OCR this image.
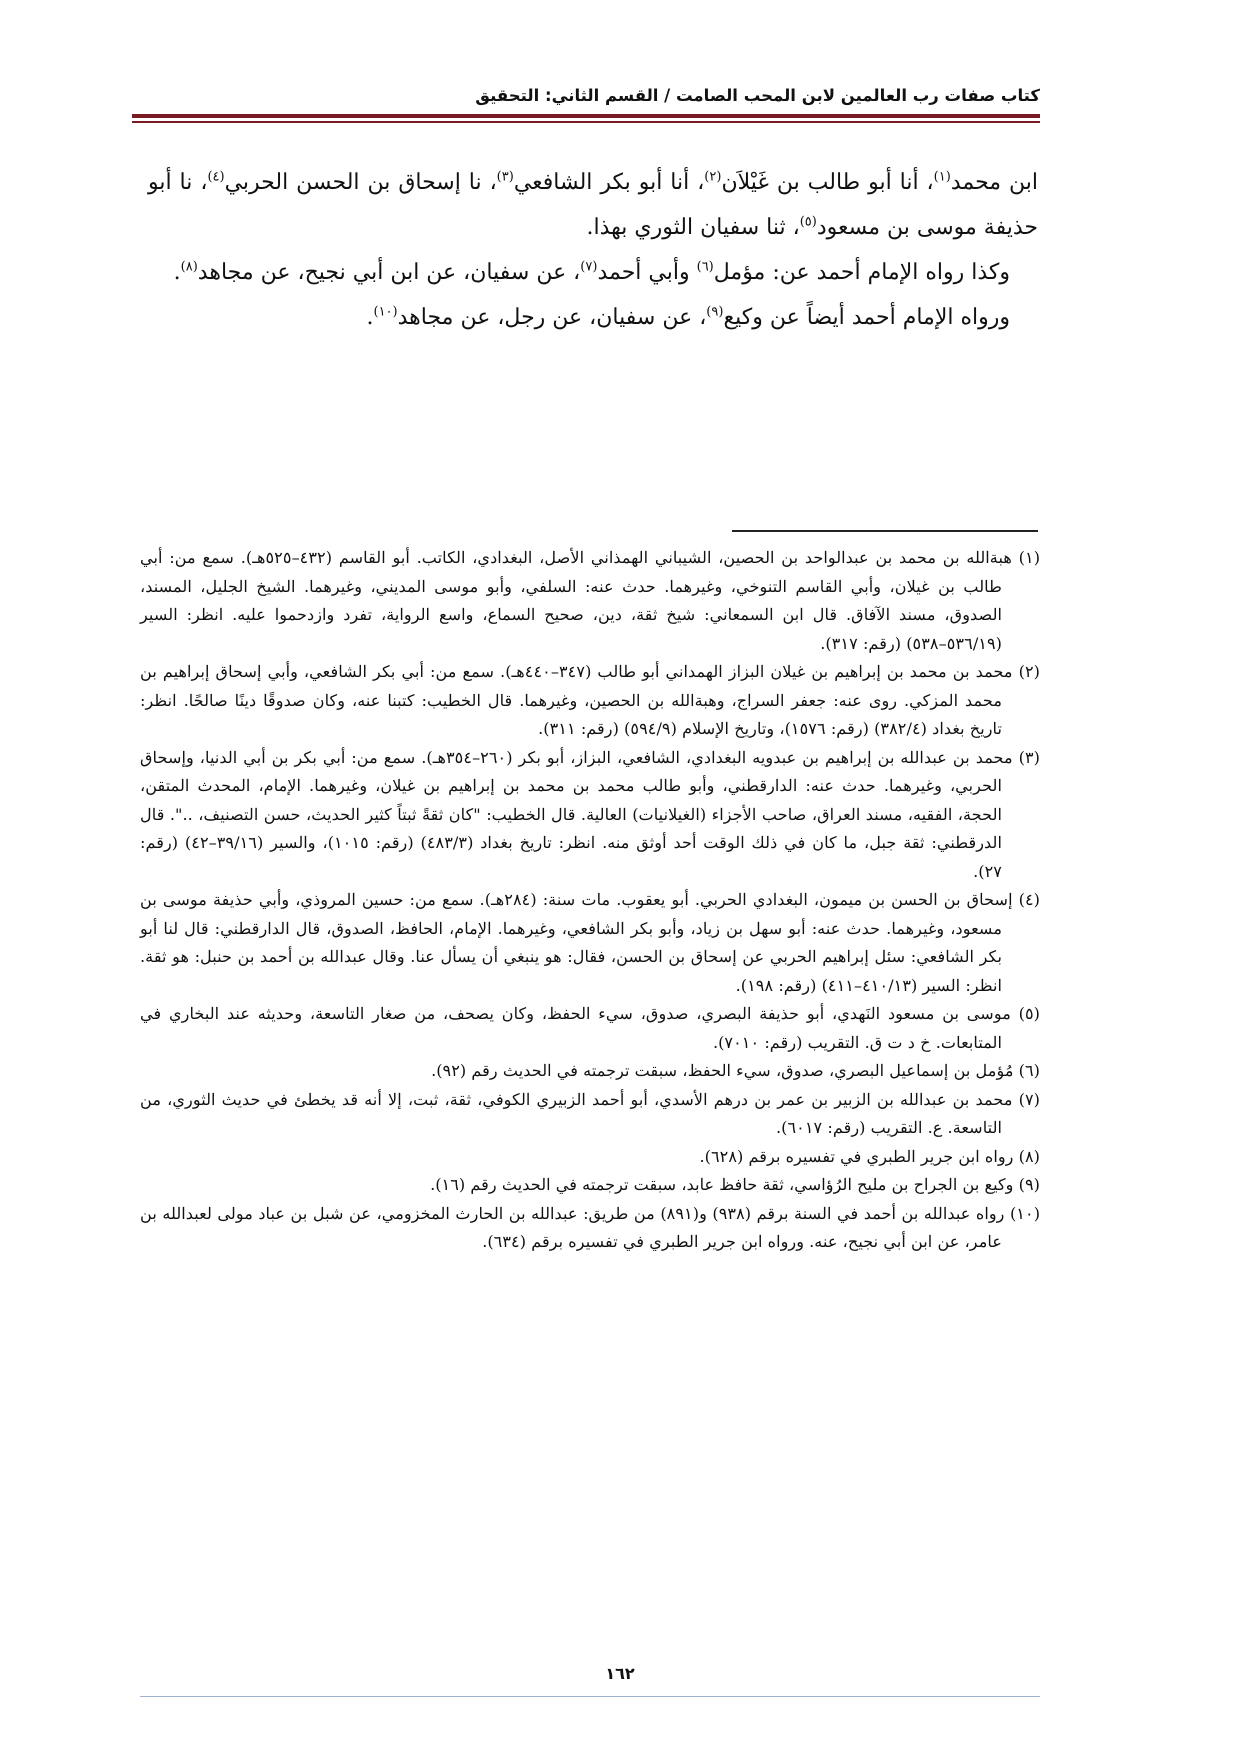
كتاب صفات رب العالمين لابن المحب الصامت / القسم الثاني: التحقيق

ابن محمد$^{(١)}$، أنا أبو طالب بن غَيْلاَن$^{(٢)}$، أنا أبو بكر الشافعي$^{(٣)}$، نا إسحاق بن الحسن الحربي$^{(٤)}$، نا أبو حذيفة موسى بن مسعود$^{(٥)}$، ثنا سفيان الثوري بهذا.

وكذا رواه الإمام أحمد عن: مؤمل$^{(٦)}$ وأبي أحمد$^{(٧)}$، عن سفيان، عن ابن أبي نجيح، عن مجاهد$^{(٨)}$.

ورواه الإمام أحمد أيضاً عن وكيع$^{(٩)}$، عن سفيان، عن رجل، عن مجاهد$^{(١٠)}$.

(١) هبةالله بن محمد بن عبدالواحد بن الحصين، الشيباني الهمذاني الأصل، البغدادي، الكاتب. أبو القاسم (٤٣٢–٥٢٥هـ). سمع من: أبي طالب بن غيلان، وأبي القاسم التنوخي، وغيرهما. حدث عنه: السلفي، وأبو موسى المديني، وغيرهما. الشيخ الجليل، المسند، الصدوق، مسند الآفاق. قال ابن السمعاني: شيخ ثقة، دين، صحيح السماع، واسع الرواية، تفرد وازدحموا عليه. انظر: السير (٥٣٦/١٩–٥٣٨) (رقم: ٣١٧).

(٢) محمد بن محمد بن إبراهيم بن غيلان البزاز الهمداني أبو طالب (٣٤٧–٤٤٠هـ). سمع من: أبي بكر الشافعي، وأبي إسحاق إبراهيم بن محمد المزكي. روى عنه: جعفر السراج، وهبةالله بن الحصين، وغيرهما. قال الخطيب: كتبنا عنه، وكان صدوقًا دينًا صالحًا. انظر: تاريخ بغداد (٣٨٢/٤) (رقم: ١٥٧٦)، وتاريخ الإسلام (٥٩٤/٩) (رقم: ٣١١).

(٣) محمد بن عبدالله بن إبراهيم بن عبدويه البغدادي، الشافعي، البزاز، أبو بكر (٢٦٠–٣٥٤هـ). سمع من: أبي بكر بن أبي الدنيا، وإسحاق الحربي، وغيرهما. حدث عنه: الدارقطني، وأبو طالب محمد بن محمد بن إبراهيم بن غيلان، وغيرهما. الإمام، المحدث المتقن، الحجة، الفقيه، مسند العراق، صاحب الأجزاء (الغيلانيات) العالية. قال الخطيب: "كان ثقةً ثبتاً كثير الحديث، حسن التصنيف، ..". قال الدرقطني: ثقة جبل، ما كان في ذلك الوقت أحد أوثق منه. انظر: تاريخ بغداد (٤٨٣/٣) (رقم: ١٠١٥)، والسير (٣٩/١٦–٤٢) (رقم: ٢٧).

(٤) إسحاق بن الحسن بن ميمون، البغدادي الحربي. أبو يعقوب. مات سنة: (٢٨٤هـ). سمع من: حسين المروذي، وأبي حذيفة موسى بن مسعود، وغيرهما. حدث عنه: أبو سهل بن زياد، وأبو بكر الشافعي، وغيرهما. الإمام، الحافظ، الصدوق، قال الدارقطني: قال لنا أبو بكر الشافعي: سئل إبراهيم الحربي عن إسحاق بن الحسن، فقال: هو ينبغي أن يسأل عنا. وقال عبدالله بن أحمد بن حنبل: هو ثقة. انظر: السير (٤١٠/١٣–٤١١) (رقم: ١٩٨).

(٥) موسى بن مسعود النَهدي، أبو حذيفة البصري، صدوق، سيء الحفظ، وكان يصحف، من صغار التاسعة، وحديثه عند البخاري في المتابعات. خ د ت ق. التقريب (رقم: ٧٠١٠).

(٦) مُؤمل بن إسماعيل البصري، صدوق، سيء الحفظ، سبقت ترجمته في الحديث رقم (٩٢).

(٧) محمد بن عبدالله بن الزبير بن عمر بن درهم الأسدي، أبو أحمد الزبيري الكوفي، ثقة، ثبت، إلا أنه قد يخطئ في حديث الثوري، من التاسعة. ع. التقريب (رقم: ٦٠١٧).

(٨) رواه ابن جرير الطبري في تفسيره برقم (٦٢٨).

(٩) وكيع بن الجراح بن مليح الرُؤاسي، ثقة حافظ عابد، سبقت ترجمته في الحديث رقم (١٦).

(١٠) رواه عبدالله بن أحمد في السنة برقم (٩٣٨) و(٨٩١) من طريق: عبدالله بن الحارث المخزومي، عن شبل بن عباد مولى لعبدالله بن عامر، عن ابن أبي نجيح، عنه. ورواه ابن جرير الطبري في تفسيره برقم (٦٣٤).

١٦٢
